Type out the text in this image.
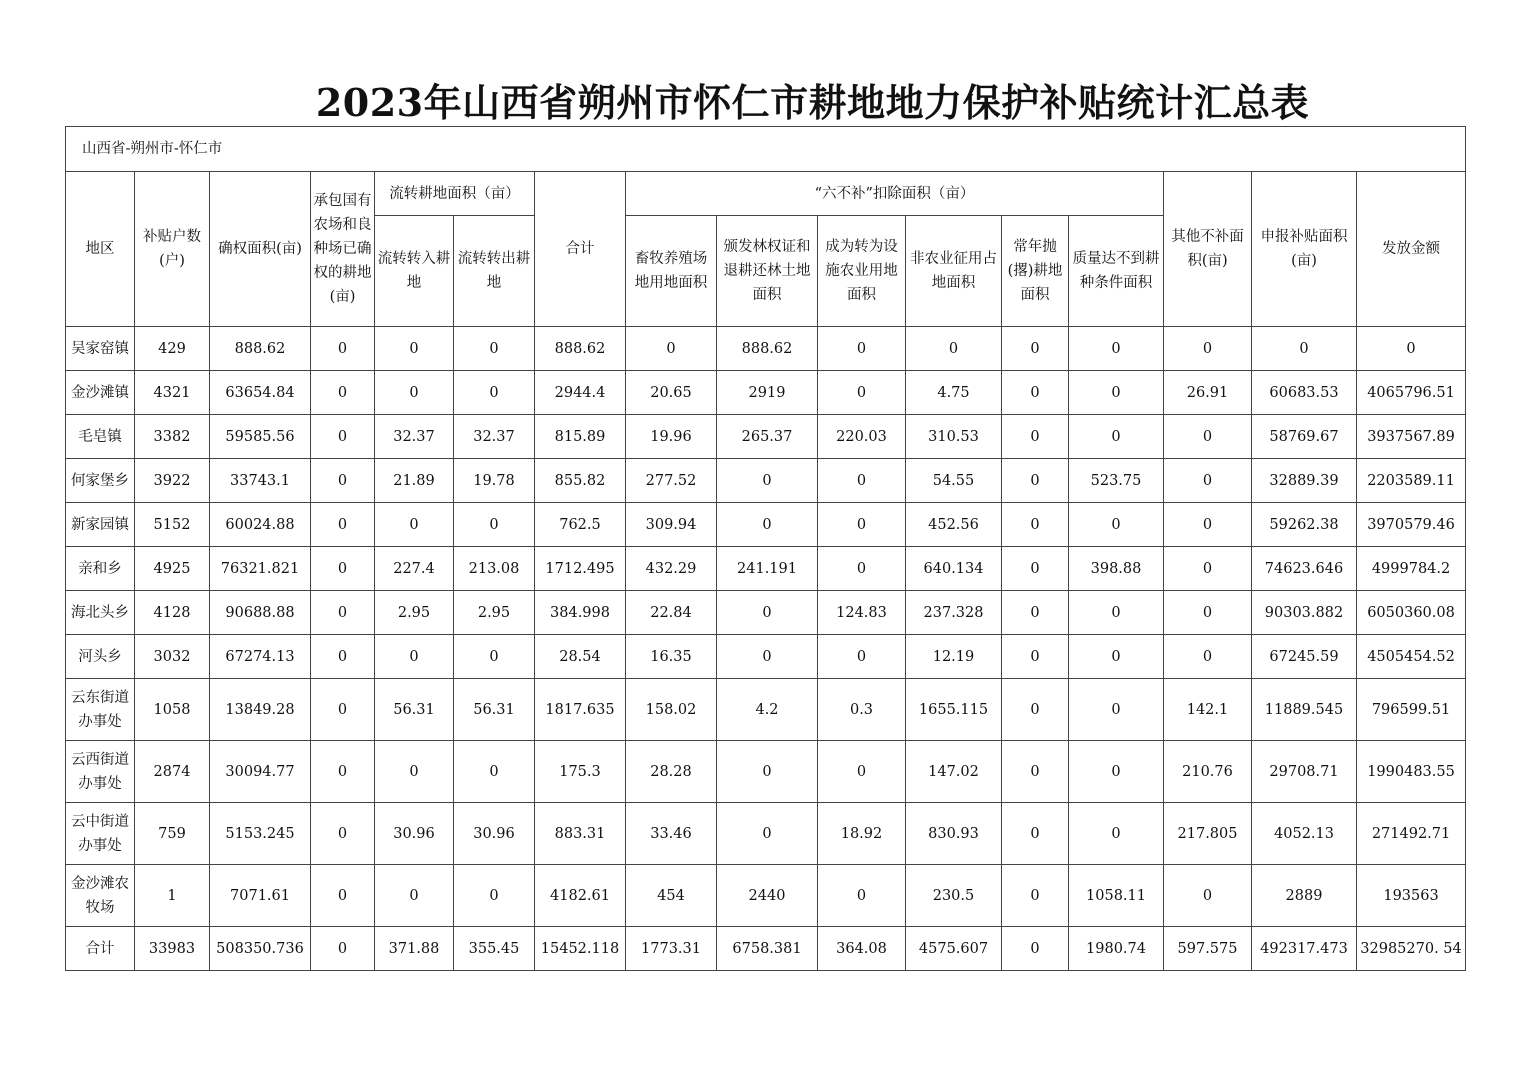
2023年山西省朔州市怀仁市耕地地力保护补贴统计汇总表
山西省-朔州市-怀仁市															
地区	补贴户数(户)	确权面积(亩)	承包国有农场和良种场已确权的耕地(亩)	流转耕地面积（亩）		合计	“六不补”扣除面积（亩）						其他不补面积(亩)	申报补贴面积(亩)	发放金额
				流转转入耕地	流转转出耕地		畜牧养殖场地用地面积	颁发林权证和退耕还林土地面积	成为转为设施农业用地面积	非农业征用占地面积	常年抛(撂)耕地面积	质量达不到耕种条件面积			
吴家窑镇	429	888.62	0	0	0	888.62	0	888.62	0	0	0	0	0	0	0
金沙滩镇	4321	63654.84	0	0	0	2944.4	20.65	2919	0	4.75	0	0	26.91	60683.53	4065796.51
毛皂镇	3382	59585.56	0	32.37	32.37	815.89	19.96	265.37	220.03	310.53	0	0	0	58769.67	3937567.89
何家堡乡	3922	33743.1	0	21.89	19.78	855.82	277.52	0	0	54.55	0	523.75	0	32889.39	2203589.11
新家园镇	5152	60024.88	0	0	0	762.5	309.94	0	0	452.56	0	0	0	59262.38	3970579.46
亲和乡	4925	76321.821	0	227.4	213.08	1712.495	432.29	241.191	0	640.134	0	398.88	0	74623.646	4999784.2
海北头乡	4128	90688.88	0	2.95	2.95	384.998	22.84	0	124.83	237.328	0	0	0	90303.882	6050360.08
河头乡	3032	67274.13	0	0	0	28.54	16.35	0	0	12.19	0	0	0	67245.59	4505454.52
云东街道办事处	1058	13849.28	0	56.31	56.31	1817.635	158.02	4.2	0.3	1655.115	0	0	142.1	11889.545	796599.51
云西街道办事处	2874	30094.77	0	0	0	175.3	28.28	0	0	147.02	0	0	210.76	29708.71	1990483.55
云中街道办事处	759	5153.245	0	30.96	30.96	883.31	33.46	0	18.92	830.93	0	0	217.805	4052.13	271492.71
金沙滩农牧场	1	7071.61	0	0	0	4182.61	454	2440	0	230.5	0	1058.11	0	2889	193563
合计	33983	508350.736	0	371.88	355.45	15452.118	1773.31	6758.381	364.08	4575.607	0	1980.74	597.575	492317.473	32985270. 54
